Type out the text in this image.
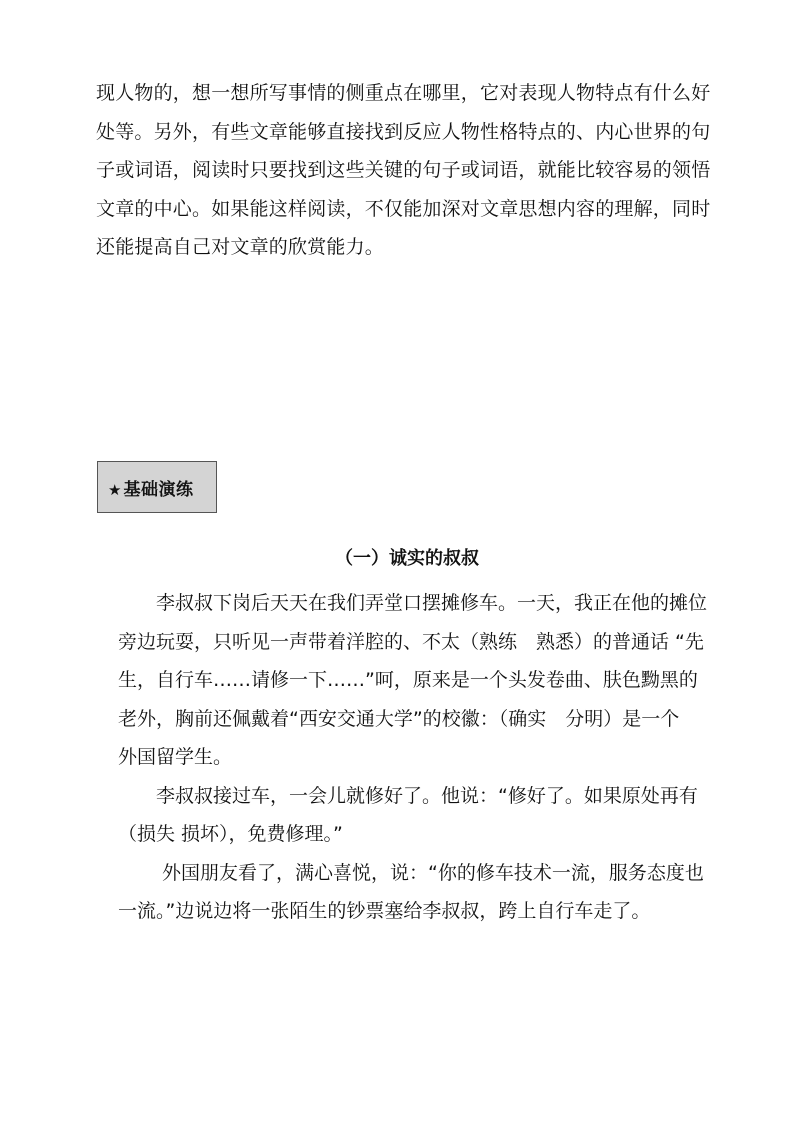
现人物的，想一想所写事情的侧重点在哪里，它对表现人物特点有什么好
处等。另外，有些文章能够直接找到反应人物性格特点的、内心世界的句
子或词语，阅读时只要找到这些关键的句子或词语，就能比较容易的领悟
文章的中心。如果能这样阅读，不仅能加深对文章思想内容的理解，同时
还能提高自己对文章的欣赏能力。
★ 基础演练
（一）诚实的叔叔
李叔叔下岗后天天在我们弄堂口摆摊修车。一天，我正在他的摊位
旁边玩耍，只听见一声带着洋腔的、不太（熟练　熟悉）的普通话 “先
生，自行车……请修一下……”呵，原来是一个头发卷曲、肤色黝黑的
老外，胸前还佩戴着“西安交通大学”的校徽：（确实　分明）是一个
外国留学生。
李叔叔接过车，一会儿就修好了。他说：“修好了。如果原处再有
（损失 损坏），免费修理。”
外国朋友看了，满心喜悦，说：“你的修车技术一流，服务态度也
一流。”边说边将一张陌生的钞票塞给李叔叔，跨上自行车走了。
